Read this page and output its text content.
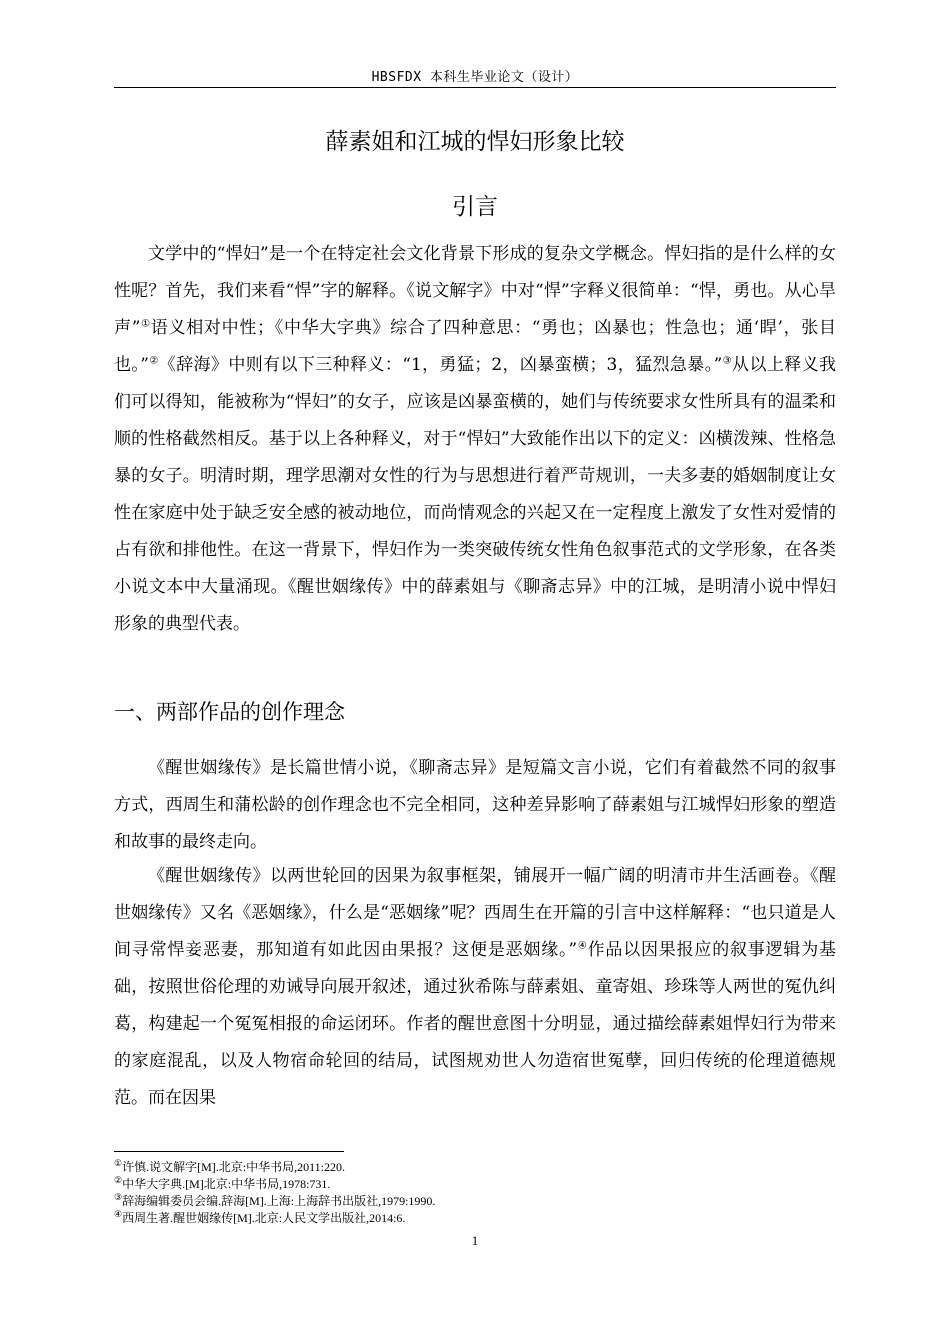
HBSFDX 本科生毕业论文（设计）
薛素姐和江城的悍妇形象比较
引言

文学中的“悍妇”是一个在特定社会文化背景下形成的复杂文学概念。悍妇指的是什么样的女性呢？首先，我们来看“悍”字的解释。《说文解字》中对“悍”字释义很简单：“悍，勇也。从心旱声”①语义相对中性；《中华大字典》综合了四种意思：“勇也；凶暴也；性急也；通‘睅’，张目也。”②《辞海》中则有以下三种释义：“1，勇猛；2，凶暴蛮横；3，猛烈急暴。”③从以上释义我们可以得知，能被称为“悍妇”的女子，应该是凶暴蛮横的，她们与传统要求女性所具有的温柔和顺的性格截然相反。基于以上各种释义，对于“悍妇”大致能作出以下的定义：凶横泼辣、性格急暴的女子。明清时期，理学思潮对女性的行为与思想进行着严苛规训，一夫多妻的婚姻制度让女性在家庭中处于缺乏安全感的被动地位，而尚情观念的兴起又在一定程度上激发了女性对爱情的占有欲和排他性。在这一背景下，悍妇作为一类突破传统女性角色叙事范式的文学形象，在各类小说文本中大量涌现。《醒世姻缘传》中的薛素姐与《聊斋志异》中的江城，是明清小说中悍妇形象的典型代表。

一、两部作品的创作理念

《醒世姻缘传》是长篇世情小说，《聊斋志异》是短篇文言小说，它们有着截然不同的叙事方式，西周生和蒲松龄的创作理念也不完全相同，这种差异影响了薛素姐与江城悍妇形象的塑造和故事的最终走向。

《醒世姻缘传》以两世轮回的因果为叙事框架，铺展开一幅广阔的明清市井生活画卷。《醒世姻缘传》又名《恶姻缘》，什么是“恶姻缘”呢？西周生在开篇的引言中这样解释：“也只道是人间寻常悍妾恶妻，那知道有如此因由果报？这便是恶姻缘。”④作品以因果报应的叙事逻辑为基础，按照世俗伦理的劝诫导向展开叙述，通过狄希陈与薛素姐、童寄姐、珍珠等人两世的冤仇纠葛，构建起一个冤冤相报的命运闭环。作者的醒世意图十分明显，通过描绘薛素姐悍妇行为带来的家庭混乱，以及人物宿命轮回的结局，试图规劝世人勿造宿世冤孽，回归传统的伦理道德规范。而在因果

①许慎.说文解字[M].北京:中华书局,2011:220.
②中华大字典.[M]北京:中华书局,1978:731.
③辞海编辑委员会编.辞海[M].上海:上海辞书出版社,1979:1990.
④西周生著.醒世姻缘传[M].北京:人民文学出版社,2014:6.
1
